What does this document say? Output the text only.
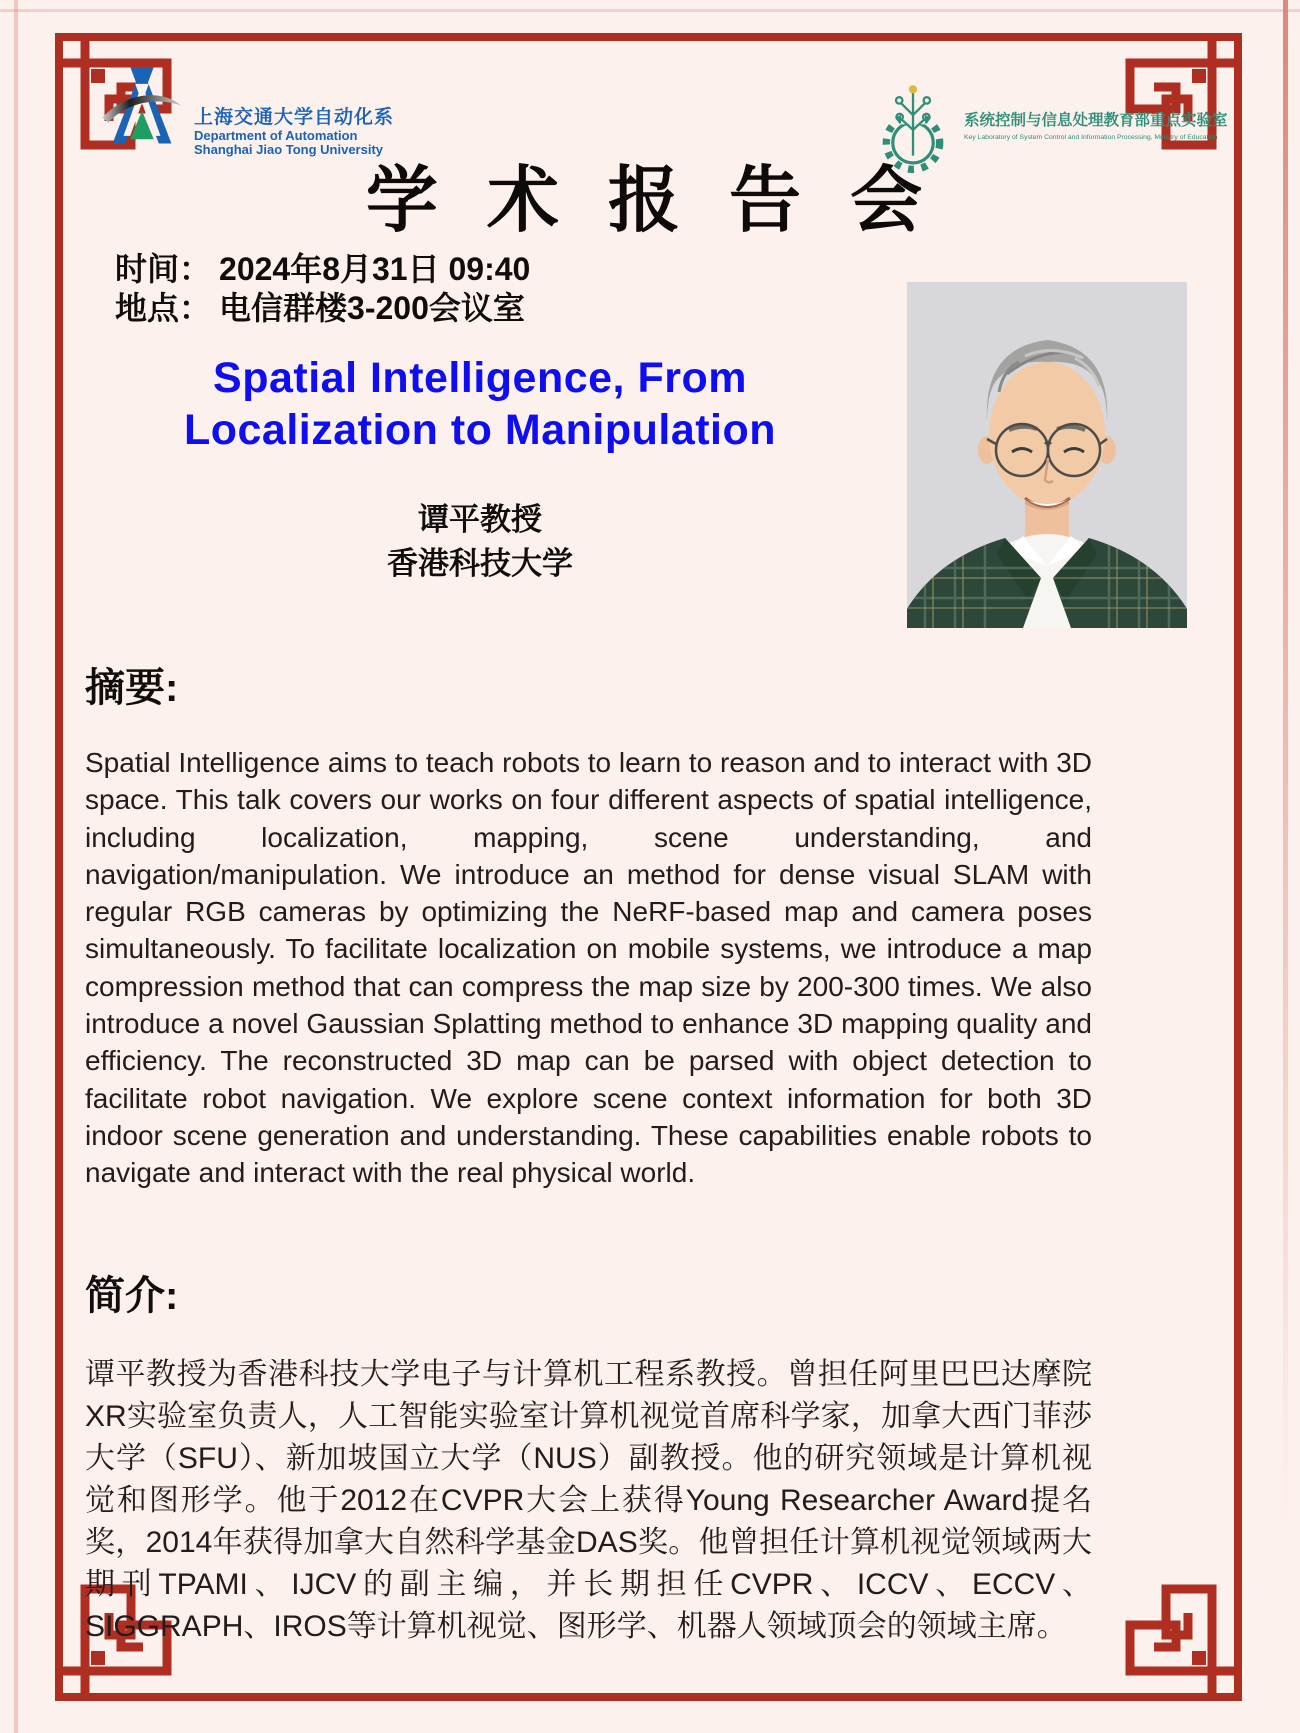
上海交通大学自动化系
Department of Automation
Shanghai Jiao Tong University
系统控制与信息处理教育部重点实验室
Key Laboratory of System Control and Information Processing, Ministry of Education
学 术 报 告 会
时间： 2024年8月31日 09:40
地点： 电信群楼3-200会议室
Spatial Intelligence, From
Localization to Manipulation
谭平教授
香港科技大学
摘要:
Spatial Intelligence aims to teach robots to learn to reason and to interact with 3D space. This talk covers our works on four different aspects of spatial intelligence, including localization, mapping, scene understanding, and navigation/manipulation. We introduce an method for dense visual SLAM with regular RGB cameras by optimizing the NeRF-based map and camera poses simultaneously. To facilitate localization on mobile systems, we introduce a map compression method that can compress the map size by 200-300 times. We also introduce a novel Gaussian Splatting method to enhance 3D mapping quality and efficiency. The reconstructed 3D map can be parsed with object detection to facilitate robot navigation. We explore scene context information for both 3D indoor scene generation and understanding. These capabilities enable robots to navigate and interact with the real physical world.
简介:
谭平教授为香港科技大学电子与计算机工程系教授。曾担任阿里巴巴达摩院XR实验室负责人，人工智能实验室计算机视觉首席科学家，加拿大西门菲莎大学（SFU）、新加坡国立大学（NUS）副教授。他的研究领域是计算机视觉和图形学。他于2012在CVPR大会上获得Young Researcher Award提名奖，2014年获得加拿大自然科学基金DAS奖。他曾担任计算机视觉领域两大期刊TPAMI、IJCV的副主编，并长期担任CVPR、ICCV、ECCV、SIGGRAPH、IROS等计算机视觉、图形学、机器人领域顶会的领域主席。
